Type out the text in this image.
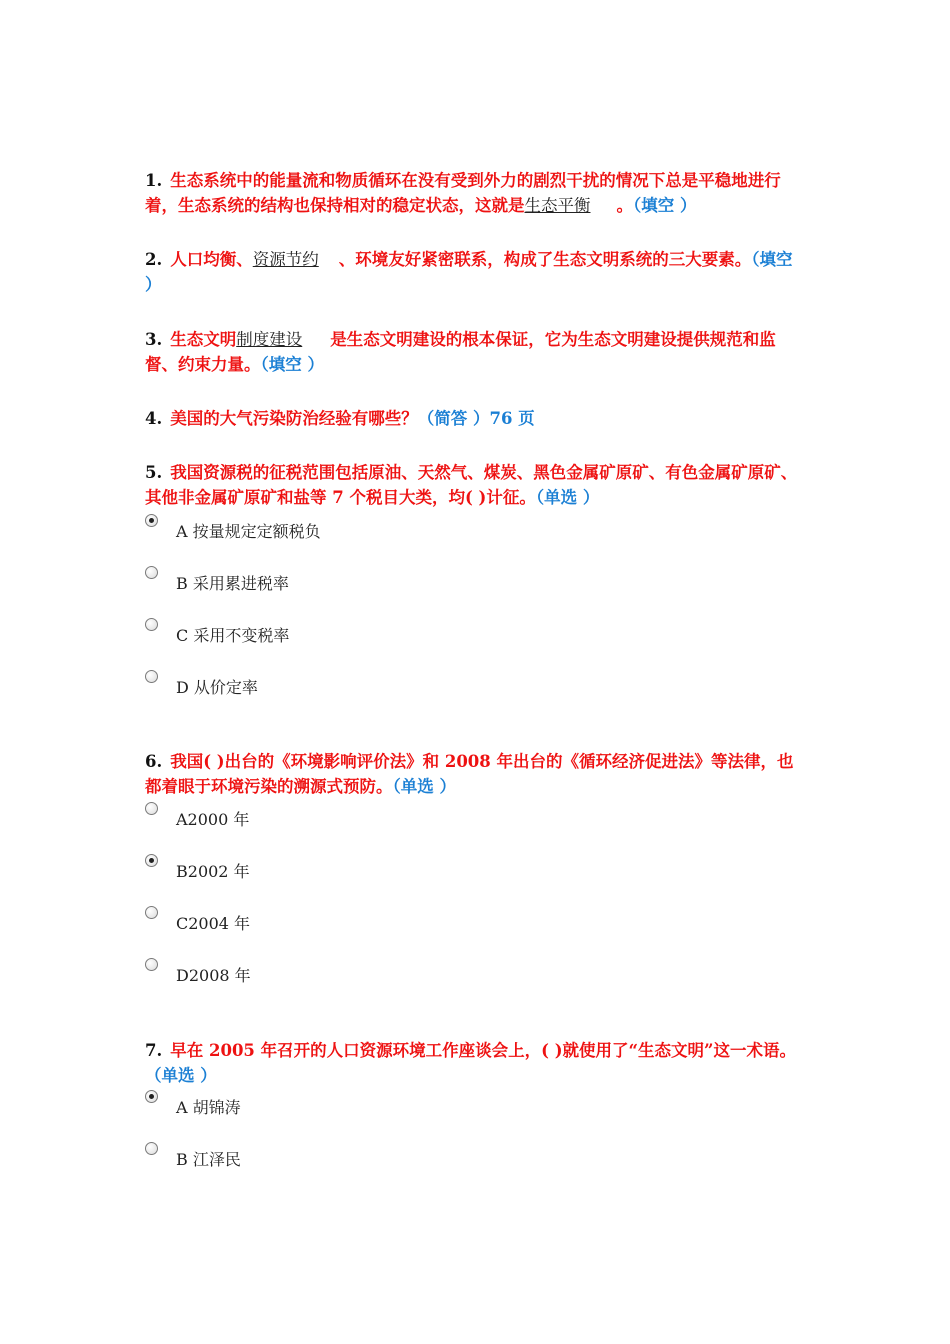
1. 生态系统中的能量流和物质循环在没有受到外力的剧烈干扰的情况下总是平稳地进行着，生态系统的结构也保持相对的稳定状态，这就是生态平衡 。（填空 ）
2. 人口均衡、资源节约 、环境友好紧密联系，构成了生态文明系统的三大要素。（填空 ）
3. 生态文明制度建设 是生态文明建设的根本保证，它为生态文明建设提供规范和监督、约束力量。（填空 ）
4. 美国的大气污染防治经验有哪些？（简答 ）76 页
5. 我国资源税的征税范围包括原油、天然气、煤炭、黑色金属矿原矿、有色金属矿原矿、其他非金属矿原矿和盐等 7 个税目大类，均( )计征。（单选 ）
A 按量规定定额税负
B 采用累进税率
C 采用不变税率
D 从价定率
6. 我国( )出台的《环境影响评价法》和 2008 年出台的《循环经济促进法》等法律，也都着眼于环境污染的溯源式预防。（单选 ）
A2000 年
B2002 年
C2004 年
D2008 年
7. 早在 2005 年召开的人口资源环境工作座谈会上，( )就使用了“生态文明”这一术语。（单选 ）
A 胡锦涛
B 江泽民
